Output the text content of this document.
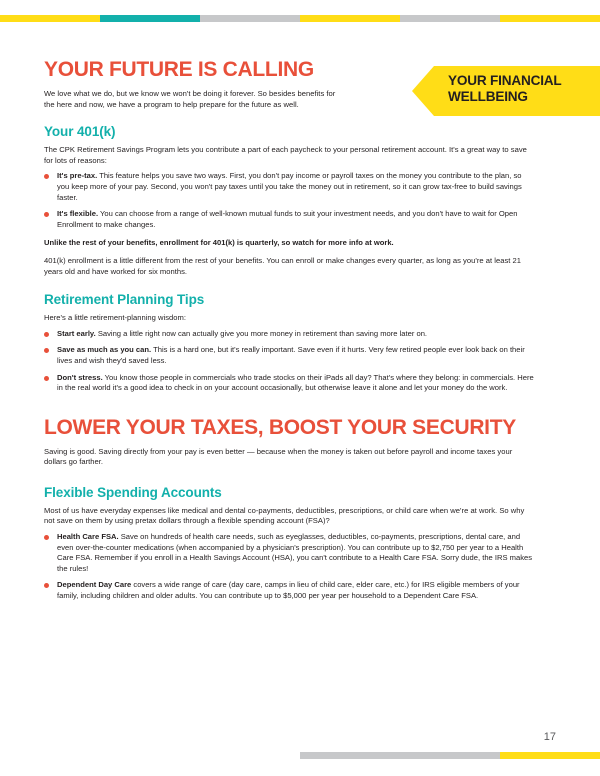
YOUR FINANCIAL
WELLBEING
YOUR FUTURE IS CALLING

We love what we do, but we know we won't be doing it forever. So besides benefits for the here and now, we have a program to help prepare for the future as well.

Your 401(k)

The CPK Retirement Savings Program lets you contribute a part of each paycheck to your personal retirement account. It's a great way to save for lots of reasons:

It's pre-tax. This feature helps you save two ways. First, you don't pay income or payroll taxes on the money you contribute to the plan, so you keep more of your pay. Second, you won't pay taxes until you take the money out in retirement, so it can grow tax-free to build savings faster.
It's flexible. You can choose from a range of well-known mutual funds to suit your investment needs, and you don't have to wait for Open Enrollment to make changes.

Unlike the rest of your benefits, enrollment for 401(k) is quarterly, so watch for more info at work.

401(k) enrollment is a little different from the rest of your benefits. You can enroll or make changes every quarter, as long as you're at least 21 years old and have worked for six months.

Retirement Planning Tips

Here's a little retirement-planning wisdom:

Start early. Saving a little right now can actually give you more money in retirement than saving more later on.
Save as much as you can. This is a hard one, but it's really important. Save even if it hurts. Very few retired people ever look back on their lives and wish they'd saved less.
Don't stress. You know those people in commercials who trade stocks on their iPads all day? That's where they belong: in commercials. Here in the real world it's a good idea to check in on your account occasionally, but otherwise leave it alone and let your money do the work.
LOWER YOUR TAXES, BOOST YOUR SECURITY

Saving is good. Saving directly from your pay is even better — because when the money is taken out before payroll and income taxes your dollars go farther.

Flexible Spending Accounts

Most of us have everyday expenses like medical and dental co-payments, deductibles, prescriptions, or child care when we're at work. So why not save on them by using pretax dollars through a flexible spending account (FSA)?

Health Care FSA. Save on hundreds of health care needs, such as eyeglasses, deductibles, co-payments, prescriptions, dental care, and even over-the-counter medications (when accompanied by a physician's prescription). You can contribute up to $2,750 per year to a Health Care FSA. Remember if you enroll in a Health Savings Account (HSA), you can't contribute to a Health Care FSA. Sorry dude, the IRS makes the rules!
Dependent Day Care covers a wide range of care (day care, camps in lieu of child care, elder care, etc.) for IRS eligible members of your family, including children and older adults. You can contribute up to $5,000 per year per household to a Dependent Care FSA.
17
